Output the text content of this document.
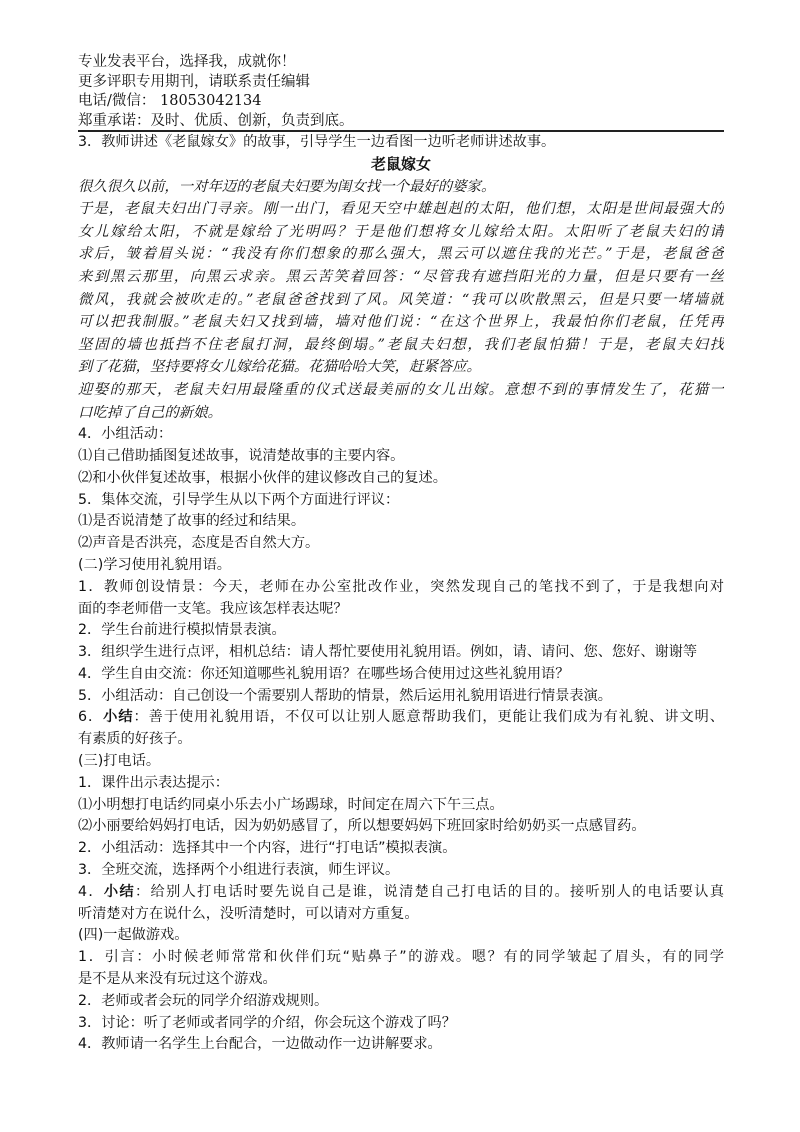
专业发表平台，选择我，成就你！
更多评职专用期刊，请联系责任编辑
电话/微信： 18053042134
郑重承诺：及时、优质、创新，负责到底。
3．教师讲述《老鼠嫁女》的故事，引导学生一边看图一边听老师讲述故事。
老鼠嫁女
很久很久以前，一对年迈的老鼠夫妇要为闺女找一个最好的婆家。
于是，老鼠夫妇出门寻亲。刚一出门，看见天空中雄赳赳的太阳，他们想，太阳是世间最强大的
女儿嫁给太阳，不就是嫁给了光明吗？于是他们想将女儿嫁给太阳。太阳听了老鼠夫妇的请
求后，皱着眉头说：“我没有你们想象的那么强大，黑云可以遮住我的光芒。”于是，老鼠爸爸
来到黑云那里，向黑云求亲。黑云苦笑着回答：“尽管我有遮挡阳光的力量，但是只要有一丝
微风，我就会被吹走的。”老鼠爸爸找到了风。风笑道：“我可以吹散黑云，但是只要一堵墙就
可以把我制服。”老鼠夫妇又找到墙，墙对他们说：“在这个世界上，我最怕你们老鼠，任凭再
坚固的墙也抵挡不住老鼠打洞，最终倒塌。”老鼠夫妇想，我们老鼠怕猫！于是，老鼠夫妇找
到了花猫，坚持要将女儿嫁给花猫。花猫哈哈大笑，赶紧答应。
迎娶的那天，老鼠夫妇用最隆重的仪式送最美丽的女儿出嫁。意想不到的事情发生了，花猫一
口吃掉了自己的新娘。
4．小组活动：
⑴自己借助插图复述故事，说清楚故事的主要内容。
⑵和小伙伴复述故事，根据小伙伴的建议修改自己的复述。
5．集体交流，引导学生从以下两个方面进行评议：
⑴是否说清楚了故事的经过和结果。
⑵声音是否洪亮，态度是否自然大方。
(二)学习使用礼貌用语。
1．教师创设情景：今天，老师在办公室批改作业，突然发现自己的笔找不到了，于是我想向对
面的李老师借一支笔。我应该怎样表达呢？
2．学生台前进行模拟情景表演。
3．组织学生进行点评，相机总结：请人帮忙要使用礼貌用语。例如，请、请问、您、您好、谢谢等
4．学生自由交流：你还知道哪些礼貌用语？在哪些场合使用过这些礼貌用语？
5．小组活动：自己创设一个需要别人帮助的情景，然后运用礼貌用语进行情景表演。
6．小结：善于使用礼貌用语，不仅可以让别人愿意帮助我们，更能让我们成为有礼貌、讲文明、
有素质的好孩子。
(三)打电话。
1．课件出示表达提示：
⑴小明想打电话约同桌小乐去小广场踢球，时间定在周六下午三点。
⑵小丽要给妈妈打电话，因为奶奶感冒了，所以想要妈妈下班回家时给奶奶买一点感冒药。
2．小组活动：选择其中一个内容，进行“打电话”模拟表演。
3．全班交流，选择两个小组进行表演，师生评议。
4．小结：给别人打电话时要先说自己是谁，说清楚自己打电话的目的。接听别人的电话要认真
听清楚对方在说什么，没听清楚时，可以请对方重复。
(四)一起做游戏。
1．引言：小时候老师常常和伙伴们玩“贴鼻子”的游戏。嗯？有的同学皱起了眉头，有的同学
是不是从来没有玩过这个游戏。
2．老师或者会玩的同学介绍游戏规则。
3．讨论：听了老师或者同学的介绍，你会玩这个游戏了吗？
4．教师请一名学生上台配合，一边做动作一边讲解要求。
